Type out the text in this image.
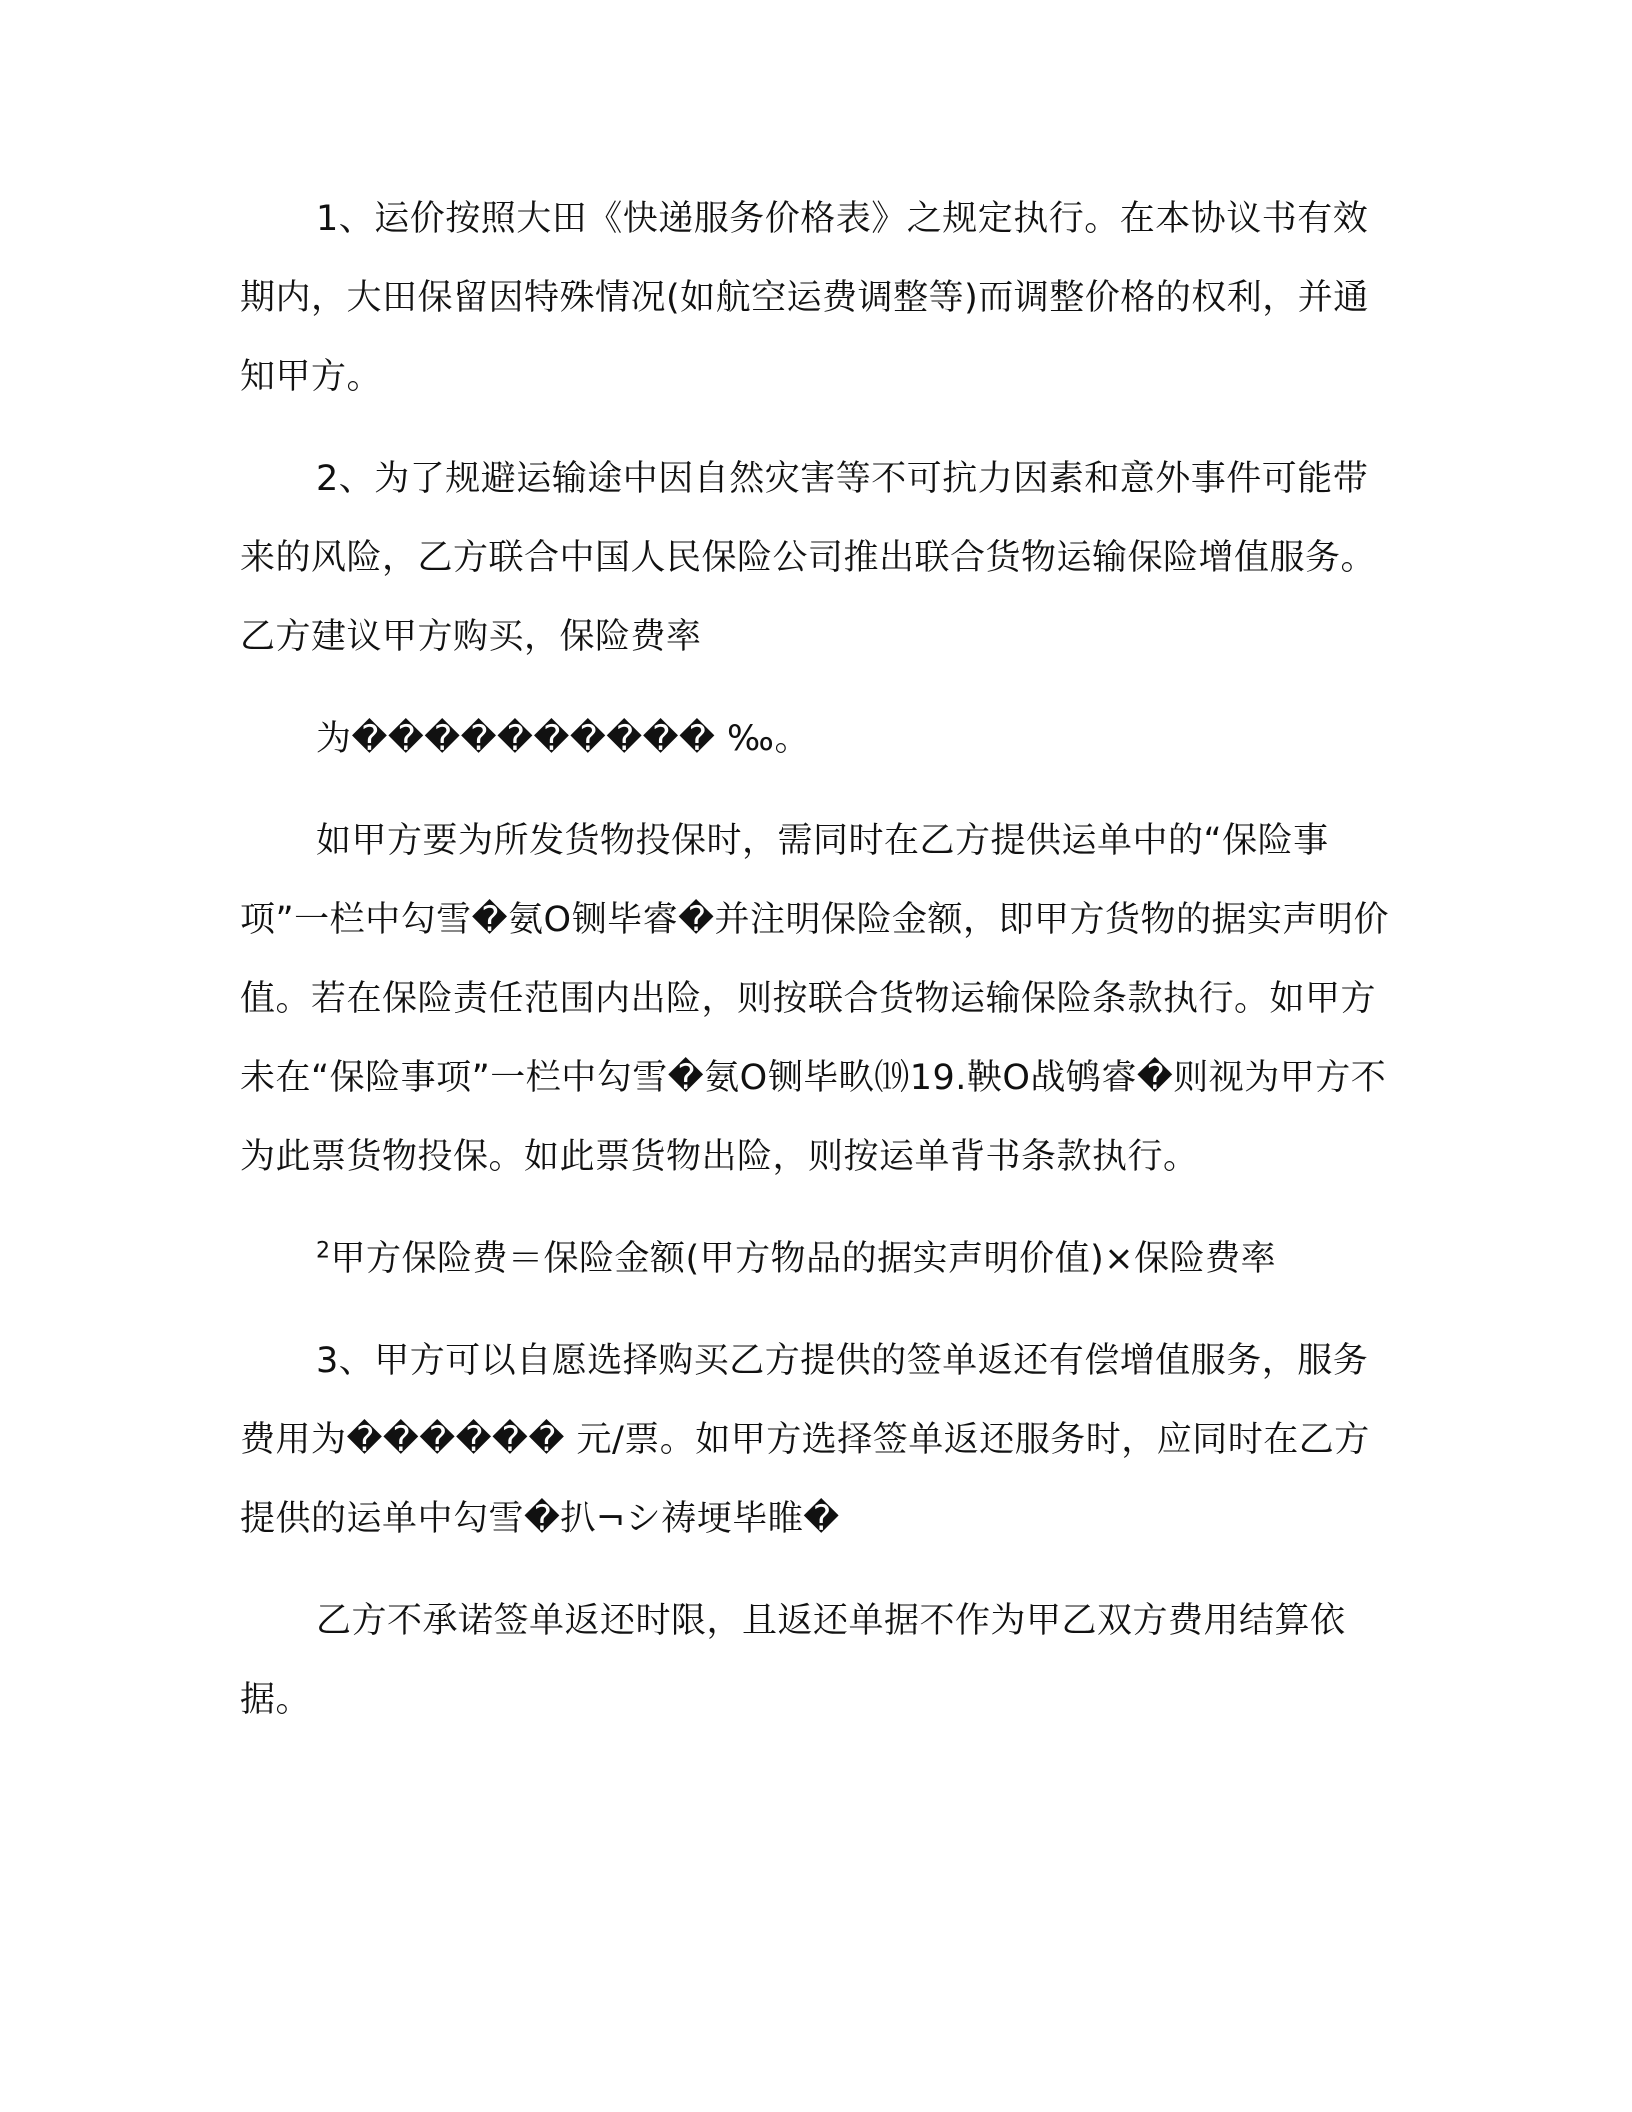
1、运价按照大田《快递服务价格表》之规定执行。在本协议书有效期内，大田保留因特殊情况(如航空运费调整等)而调整价格的权利，并通知甲方。

2、为了规避运输途中因自然灾害等不可抗力因素和意外事件可能带来的风险，乙方联合中国人民保险公司推出联合货物运输保险增值服务。乙方建议甲方购买，保险费率

为���������� ‰。

如甲方要为所发货物投保时，需同时在乙方提供运单中的“保险事项”一栏中勾雪�氨O铡毕睿�并注明保险金额，即甲方货物的据实声明价值。若在保险责任范围内出险，则按联合货物运输保险条款执行。如甲方未在“保险事项”一栏中勾雪�氨O铡毕畂⒆19.鞅O战鸲睿�则视为甲方不为此票货物投保。如此票货物出险，则按运单背书条款执行。

$^2$甲方保险费＝保险金额(甲方物品的据实声明价值)×保险费率

3、甲方可以自愿选择购买乙方提供的签单返还有偿增值服务，服务费用为������ 元/票。如甲方选择签单返还服务时，应同时在乙方提供的运单中勾雪�扒¬シ祷埂毕睢�

乙方不承诺签单返还时限，且返还单据不作为甲乙双方费用结算依据。
